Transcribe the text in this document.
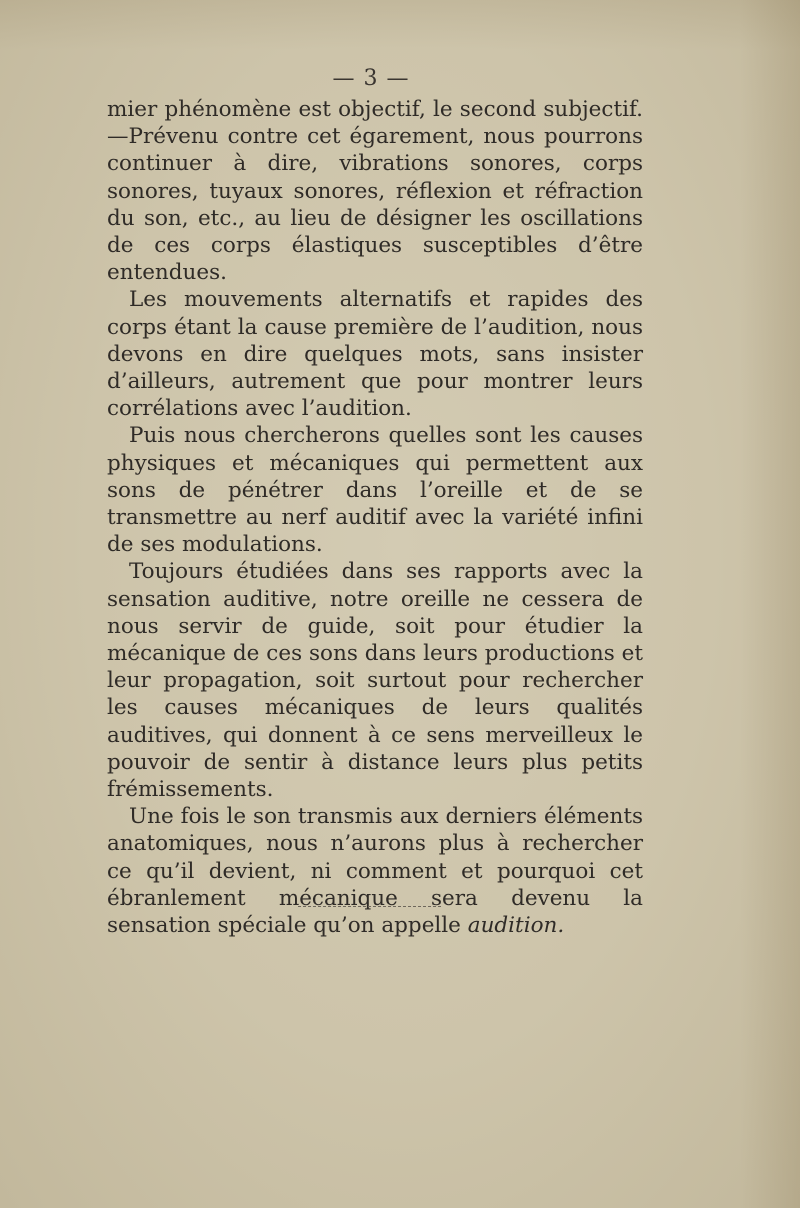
— 3 —

mier phénomène est objectif, le second subjectif.—Prévenu contre cet égarement, nous pourrons continuer à dire, vibrations sonores, corps sonores, tuyaux sonores, réflexion et réfraction du son, etc., au lieu de désigner les oscillations de ces corps élastiques susceptibles d’être entendues.

Les mouvements alternatifs et rapides des corps étant la cause première de l’audition, nous devons en dire quelques mots, sans insister d’ailleurs, autrement que pour montrer leurs corrélations avec l’audition.

Puis nous chercherons quelles sont les causes physiques et mécaniques qui permettent aux sons de pénétrer dans l’oreille et de se transmettre au nerf auditif avec la variété infini de ses modulations.

Toujours étudiées dans ses rapports avec la sensation auditive, notre oreille ne cessera de nous servir de guide, soit pour étudier la mécanique de ces sons dans leurs productions et leur propagation, soit surtout pour rechercher les causes mécaniques de leurs qualités auditives, qui donnent à ce sens merveilleux le pouvoir de sentir à distance leurs plus petits frémissements.

Une fois le son transmis aux derniers éléments anatomiques, nous n’aurons plus à rechercher ce qu’il devient, ni comment et pourquoi cet ébranlement mécanique sera devenu la sensation spéciale qu’on appelle audition.
